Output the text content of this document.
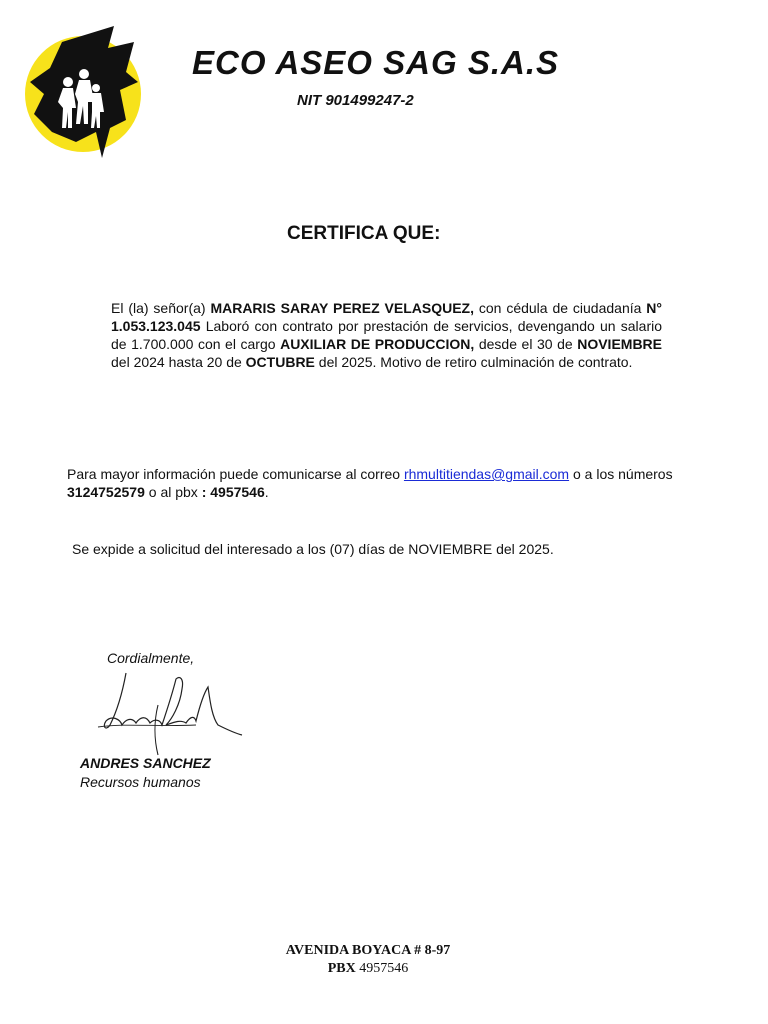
ECO ASEO SAG S.A.S
NIT 901499247-2
CERTIFICA QUE:
El (la) señor(a) MARARIS SARAY PEREZ VELASQUEZ, con cédula de ciudadanía N° 1.053.123.045 Laboró con contrato por prestación de servicios, devengando un salario de 1.700.000 con el cargo AUXILIAR DE PRODUCCION, desde el 30 de NOVIEMBRE del 2024 hasta 20 de OCTUBRE del 2025. Motivo de retiro culminación de contrato.
Para mayor información puede comunicarse al correo rhmultitiendas@gmail.com o a los números 3124752579 o al pbx : 4957546.
Se expide a solicitud del interesado a los (07) días de NOVIEMBRE del 2025.
Cordialmente,
ANDRES SANCHEZ
Recursos humanos
AVENIDA BOYACA # 8-97
PBX 4957546
